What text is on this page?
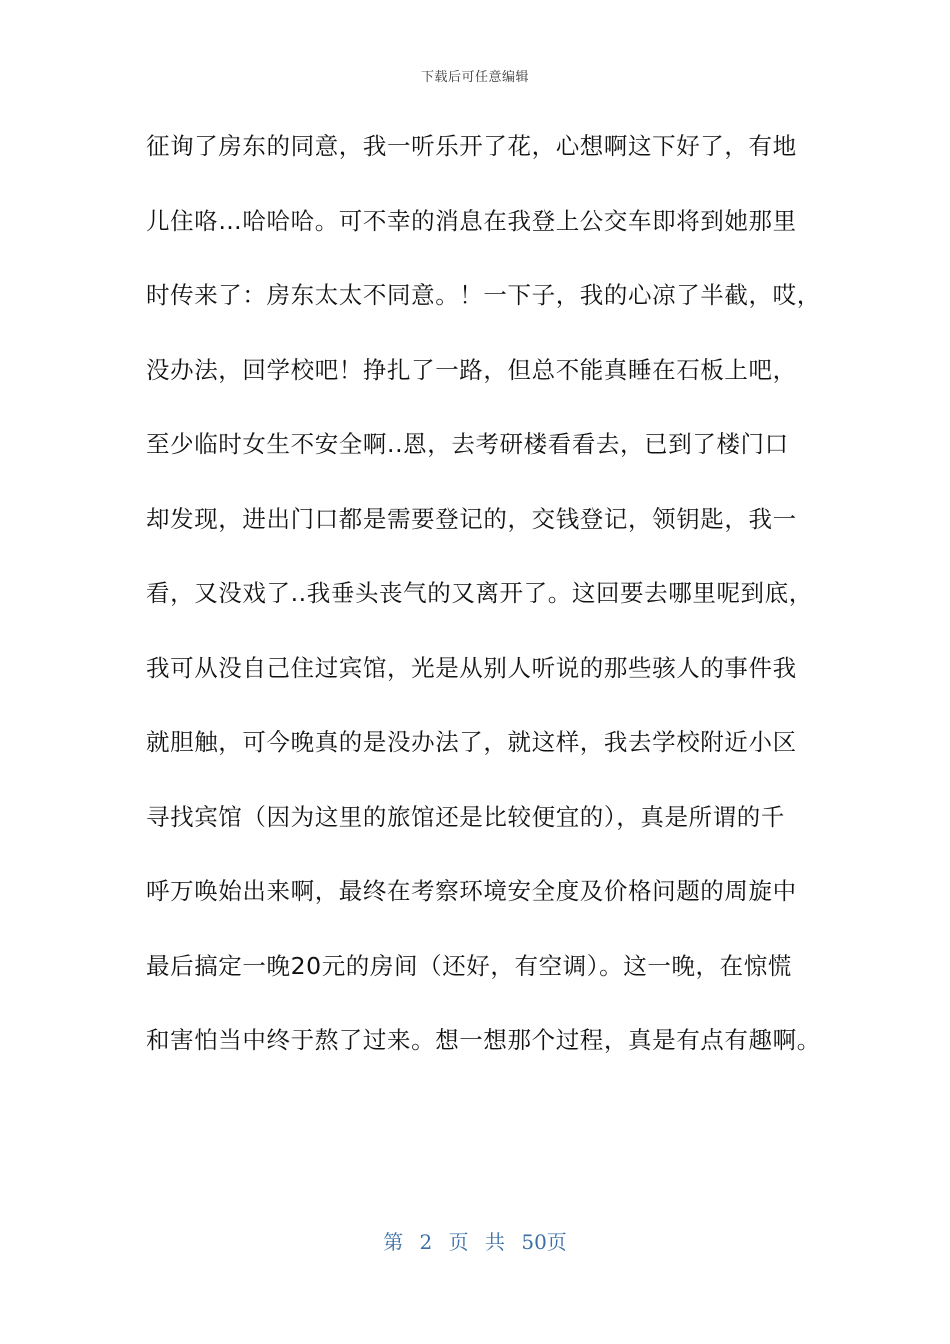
下载后可任意编辑
征询了房东的同意，我一听乐开了花，心想啊这下好了，有地
儿住咯…哈哈哈。可不幸的消息在我登上公交车即将到她那里
时传来了：房东太太不同意。！一下子，我的心凉了半截，哎，
没办法，回学校吧！挣扎了一路，但总不能真睡在石板上吧，
至少临时女生不安全啊..恩，去考研楼看看去，已到了楼门口
却发现，进出门口都是需要登记的，交钱登记，领钥匙，我一
看，又没戏了..我垂头丧气的又离开了。这回要去哪里呢到底，
我可从没自己住过宾馆，光是从别人听说的那些骇人的事件我
就胆触，可今晚真的是没办法了，就这样，我去学校附近小区
寻找宾馆（因为这里的旅馆还是比较便宜的），真是所谓的千
呼万唤始出来啊，最终在考察环境安全度及价格问题的周旋中
最后搞定一晚20元的房间（还好，有空调）。这一晚，在惊慌
和害怕当中终于熬了过来。想一想那个过程，真是有点有趣啊。
第 2 页 共 50页
